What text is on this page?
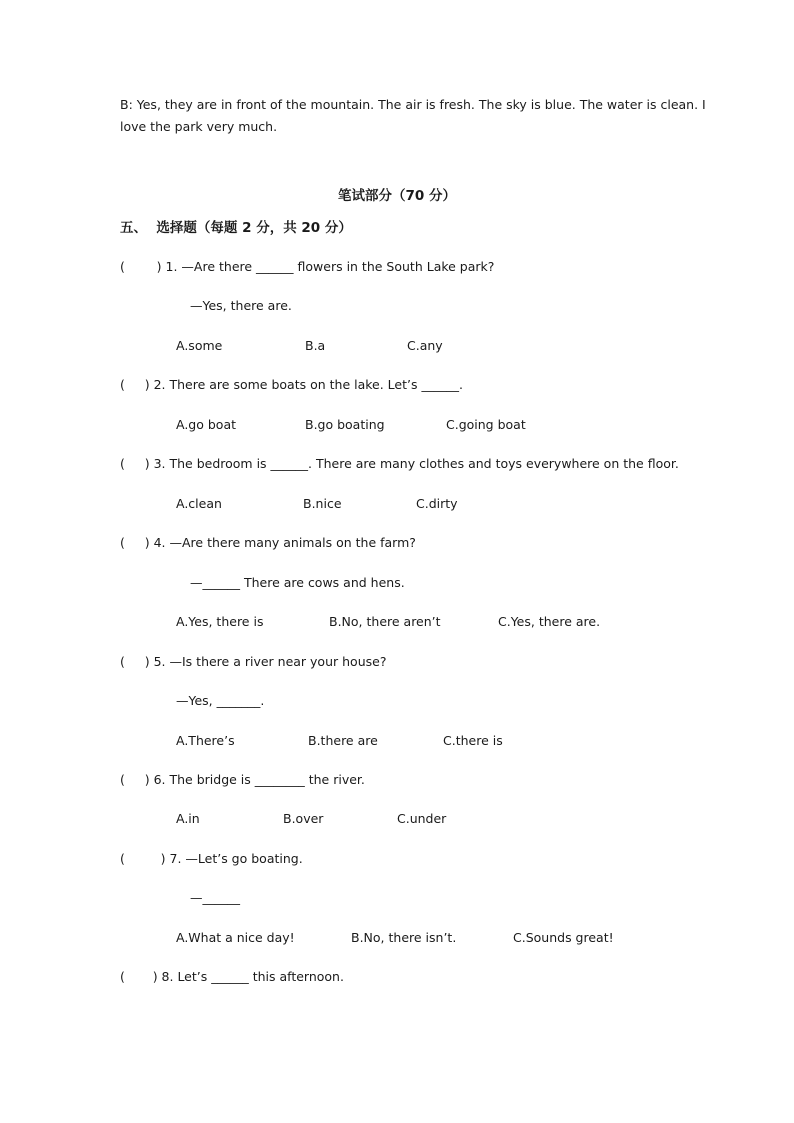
B: Yes, they are in front of the mountain. The air is fresh. The sky is blue. The water is clean. I
love the park very much.
笔试部分（70 分）
五、  选择题（每题 2 分，共 20 分）
(        ) 1. —Are there ______ flowers in the South Lake park?
—Yes, there are.
A.some	B.a	C.any
(     ) 2. There are some boats on the lake. Let’s ______.
A.go boat	B.go boating	C.going boat
(     ) 3. The bedroom is ______. There are many clothes and toys everywhere on the floor.
A.clean	B.nice	C.dirty
(     ) 4. —Are there many animals on the farm?
—______ There are cows and hens.
A.Yes, there is	B.No, there aren’t	C.Yes, there are.
(     ) 5. —Is there a river near your house?
—Yes, _______.
A.There’s	B.there are	C.there is
(     ) 6. The bridge is ________ the river.
A.in	B.over	C.under
(         ) 7. —Let’s go boating.
—______
A.What a nice day!	B.No, there isn’t.	C.Sounds great!
(       ) 8. Let’s ______ this afternoon.
